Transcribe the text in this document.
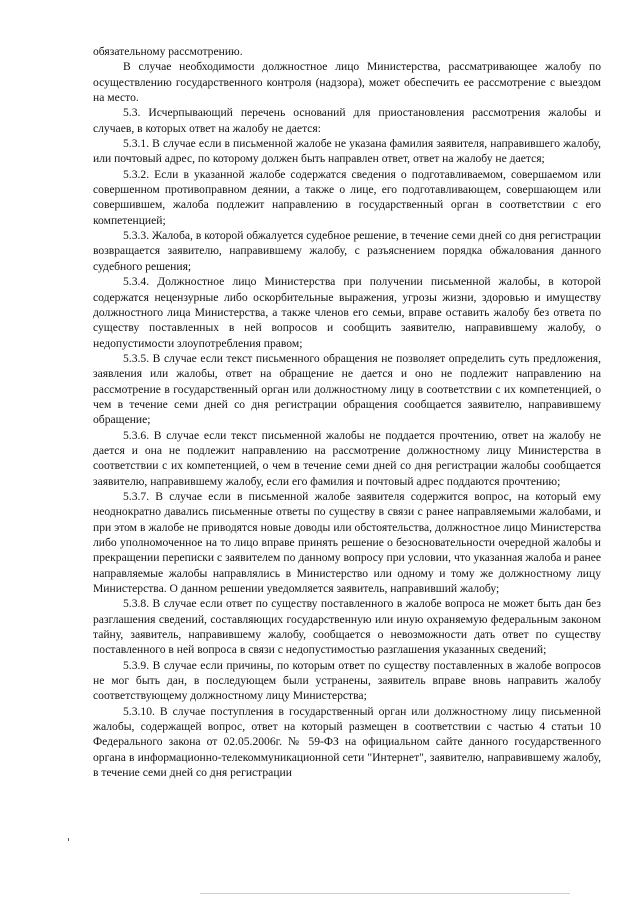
обязательному рассмотрению.

В случае необходимости должностное лицо Министерства, рассматривающее жалобу по осуществлению государственного контроля (надзора), может обеспечить ее рассмотрение с выездом на место.

5.3. Исчерпывающий перечень оснований для приостановления рассмотрения жалобы и случаев, в которых ответ на жалобу не дается:

5.3.1. В случае если в письменной жалобе не указана фамилия заявителя, направившего жалобу, или почтовый адрес, по которому должен быть направлен ответ, ответ на жалобу не дается;

5.3.2. Если в указанной жалобе содержатся сведения о подготавливаемом, совершаемом или совершенном противоправном деянии, а также о лице, его подготавливающем, совершающем или совершившем, жалоба подлежит направлению в государственный орган в соответствии с его компетенцией;

5.3.3. Жалоба, в которой обжалуется судебное решение, в течение семи дней со дня регистрации возвращается заявителю, направившему жалобу, с разъяснением порядка обжалования данного судебного решения;

5.3.4. Должностное лицо Министерства при получении письменной жалобы, в которой содержатся нецензурные либо оскорбительные выражения, угрозы жизни, здоровью и имуществу должностного лица Министерства, а также членов его семьи, вправе оставить жалобу без ответа по существу поставленных в ней вопросов и сообщить заявителю, направившему жалобу, о недопустимости злоупотребления правом;

5.3.5. В случае если текст письменного обращения не позволяет определить суть предложения, заявления или жалобы, ответ на обращение не дается и оно не подлежит направлению на рассмотрение в государственный орган или должностному лицу в соответствии с их компетенцией, о чем в течение семи дней со дня регистрации обращения сообщается заявителю, направившему обращение;

5.3.6. В случае если текст письменной жалобы не поддается прочтению, ответ на жалобу не дается и она не подлежит направлению на рассмотрение должностному лицу Министерства в соответствии с их компетенцией, о чем в течение семи дней со дня регистрации жалобы сообщается заявителю, направившему жалобу, если его фамилия и почтовый адрес поддаются прочтению;

5.3.7. В случае если в письменной жалобе заявителя содержится вопрос, на который ему неоднократно давались письменные ответы по существу в связи с ранее направляемыми жалобами, и при этом в жалобе не приводятся новые доводы или обстоятельства, должностное лицо Министерства либо уполномоченное на то лицо вправе принять решение о безосновательности очередной жалобы и прекращении переписки с заявителем по данному вопросу при условии, что указанная жалоба и ранее направляемые жалобы направлялись в Министерство или одному и тому же должностному лицу Министерства. О данном решении уведомляется заявитель, направивший жалобу;

5.3.8. В случае если ответ по существу поставленного в жалобе вопроса не может быть дан без разглашения сведений, составляющих государственную или иную охраняемую федеральным законом тайну, заявитель, направившему жалобу, сообщается о невозможности дать ответ по существу поставленного в ней вопроса в связи с недопустимостью разглашения указанных сведений;

5.3.9. В случае если причины, по которым ответ по существу поставленных в жалобе вопросов не мог быть дан, в последующем были устранены, заявитель вправе вновь направить жалобу соответствующему должностному лицу Министерства;

5.3.10. В случае поступления в государственный орган или должностному лицу письменной жалобы, содержащей вопрос, ответ на который размещен в соответствии с частью 4 статьи 10 Федерального закона от 02.05.2006г. № 59-ФЗ на официальном сайте данного государственного органа в информационно-телекоммуникационной сети "Интернет", заявителю, направившему жалобу, в течение семи дней со дня регистрации
